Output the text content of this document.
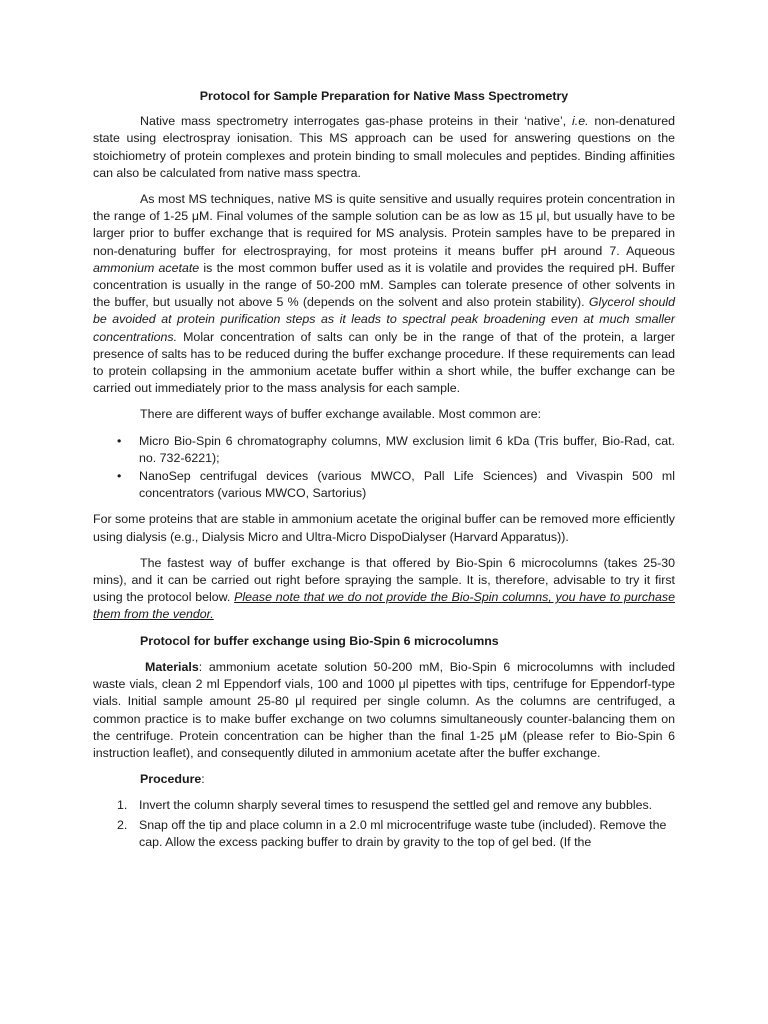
Protocol for Sample Preparation for Native Mass Spectrometry

Native mass spectrometry interrogates gas-phase proteins in their ‘native’, i.e. non-denatured state using electrospray ionisation. This MS approach can be used for answering questions on the stoichiometry of protein complexes and protein binding to small molecules and peptides. Binding affinities can also be calculated from native mass spectra.

As most MS techniques, native MS is quite sensitive and usually requires protein concentration in the range of 1-25 μM. Final volumes of the sample solution can be as low as 15 μl, but usually have to be larger prior to buffer exchange that is required for MS analysis. Protein samples have to be prepared in non-denaturing buffer for electrospraying, for most proteins it means buffer pH around 7. Aqueous ammonium acetate is the most common buffer used as it is volatile and provides the required pH. Buffer concentration is usually in the range of 50-200 mM. Samples can tolerate presence of other solvents in the buffer, but usually not above 5 % (depends on the solvent and also protein stability). Glycerol should be avoided at protein purification steps as it leads to spectral peak broadening even at much smaller concentrations. Molar concentration of salts can only be in the range of that of the protein, a larger presence of salts has to be reduced during the buffer exchange procedure. If these requirements can lead to protein collapsing in the ammonium acetate buffer within a short while, the buffer exchange can be carried out immediately prior to the mass analysis for each sample.

There are different ways of buffer exchange available. Most common are:

• Micro Bio-Spin 6 chromatography columns, MW exclusion limit 6 kDa (Tris buffer, Bio-Rad, cat. no. 732-6221);
• NanoSep centrifugal devices (various MWCO, Pall Life Sciences) and Vivaspin 500 ml concentrators (various MWCO, Sartorius)

For some proteins that are stable in ammonium acetate the original buffer can be removed more efficiently using dialysis (e.g., Dialysis Micro and Ultra-Micro DispoDialyser (Harvard Apparatus)).

The fastest way of buffer exchange is that offered by Bio-Spin 6 microcolumns (takes 25-30 mins), and it can be carried out right before spraying the sample. It is, therefore, advisable to try it first using the protocol below. Please note that we do not provide the Bio-Spin columns, you have to purchase them from the vendor.

Protocol for buffer exchange using Bio-Spin 6 microcolumns

Materials: ammonium acetate solution 50-200 mM, Bio-Spin 6 microcolumns with included waste vials, clean 2 ml Eppendorf vials, 100 and 1000 μl pipettes with tips, centrifuge for Eppendorf-type vials. Initial sample amount 25-80 μl required per single column. As the columns are centrifuged, a common practice is to make buffer exchange on two columns simultaneously counter-balancing them on the centrifuge. Protein concentration can be higher than the final 1-25 μM (please refer to Bio-Spin 6 instruction leaflet), and consequently diluted in ammonium acetate after the buffer exchange.

Procedure:
1. Invert the column sharply several times to resuspend the settled gel and remove any bubbles.
2. Snap off the tip and place column in a 2.0 ml microcentrifuge waste tube (included). Remove the cap. Allow the excess packing buffer to drain by gravity to the top of gel bed. (If the
